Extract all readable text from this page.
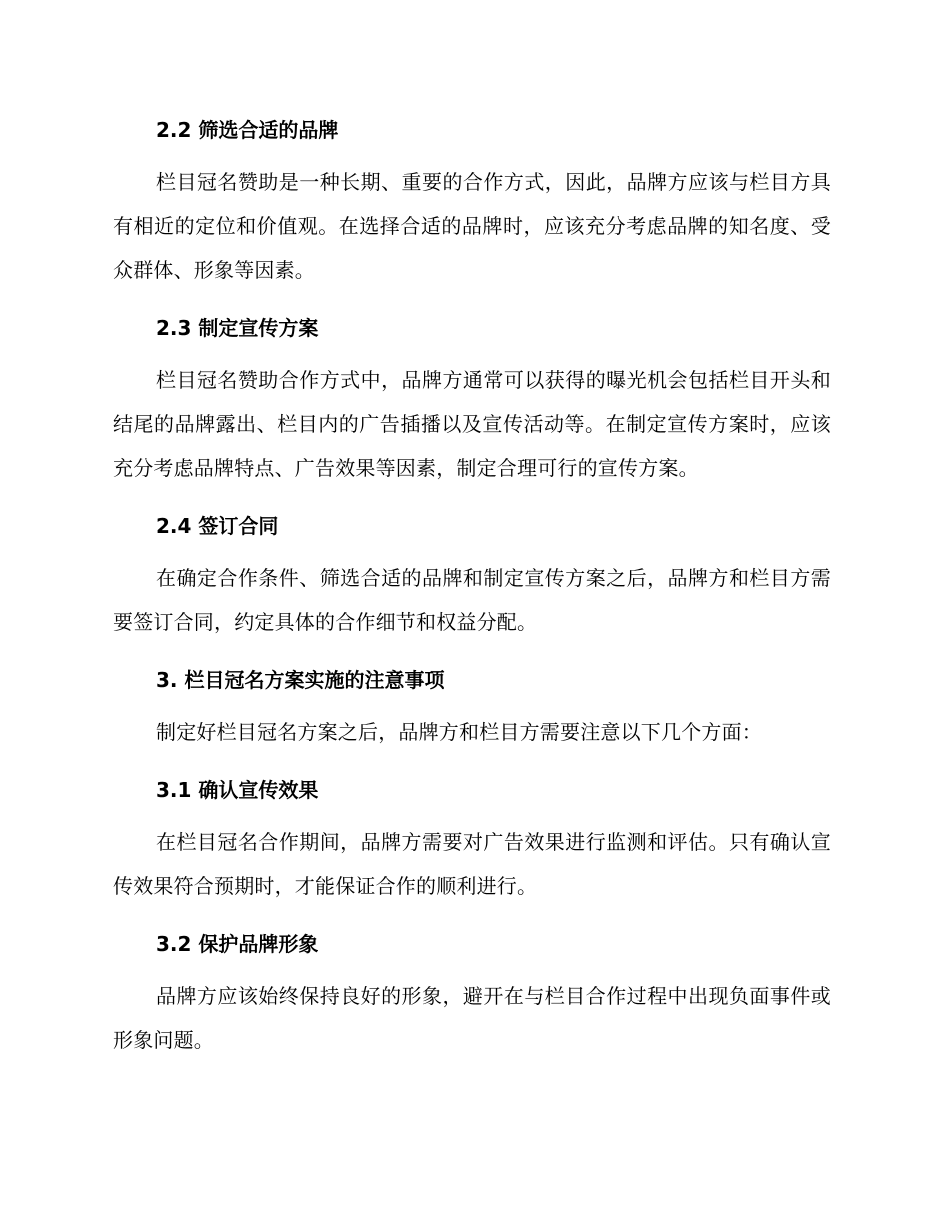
2.2 筛选合适的品牌

栏目冠名赞助是一种长期、重要的合作方式，因此，品牌方应该与栏目方具有相近的定位和价值观。在选择合适的品牌时，应该充分考虑品牌的知名度、受众群体、形象等因素。

2.3 制定宣传方案

栏目冠名赞助合作方式中，品牌方通常可以获得的曝光机会包括栏目开头和结尾的品牌露出、栏目内的广告插播以及宣传活动等。在制定宣传方案时，应该充分考虑品牌特点、广告效果等因素，制定合理可行的宣传方案。

2.4 签订合同

在确定合作条件、筛选合适的品牌和制定宣传方案之后，品牌方和栏目方需要签订合同，约定具体的合作细节和权益分配。

3. 栏目冠名方案实施的注意事项

制定好栏目冠名方案之后，品牌方和栏目方需要注意以下几个方面：

3.1 确认宣传效果

在栏目冠名合作期间，品牌方需要对广告效果进行监测和评估。只有确认宣传效果符合预期时，才能保证合作的顺利进行。

3.2 保护品牌形象

品牌方应该始终保持良好的形象，避开在与栏目合作过程中出现负面事件或形象问题。
